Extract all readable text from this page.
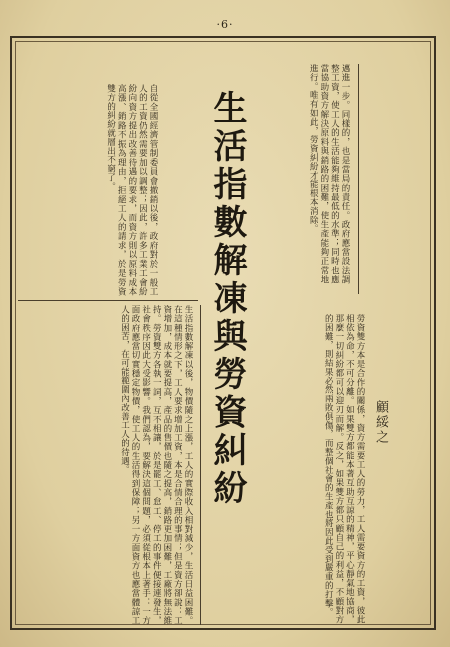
·6·
邁進一步。同樣的，也是當局的責任。政府應當設法調整工資，使工人的生活能夠維持最低的水準；同時也應當協助資方解決原料與銷路的困難，使生產能夠正常地進行。唯有如此，勞資糾紛才能根本消除。
生活指數解凍與勞資糾紛
自從全國經濟管制委員會撤銷以後，政府對於一般工人的工資仍然需要加以調整；因此，許多工業工會紛紛向資方提出改善待遇的要求，而資方則以原料成本高漲、銷路不振為理由，拒絕工人的請求，於是勞資雙方的糾紛就層出不窮了。
生活指數解凍以後，物價隨之上漲，工人的實際收入相對減少，生活日益困難。在這種情形之下，工人要求增加工資，本是合情合理的事情；但是資方卻說：工資增加，成本就要提高，產品的售價也隨之提高，銷路更加困難，工廠將無法維持。勞資雙方各執一詞，互不相讓，於是罷工、怠工、停工的事件便接連發生，社會秩序因此大受影響。我們認為，要解決這個問題，必須從根本上著手：一方面政府應當切實穩定物價，使工人的生活得到保障；另一方面資方也應當體諒工人的困苦，在可能範圍內改善工人的待遇。	勞資雙方本是合作的關係，資方需要工人的勞力，工人需要資方的工資，彼此相依為命，不可分離。如果雙方都能本著互助互諒的精神，平心靜氣地協商，那麼一切糾紛都可以迎刃而解。反之，如果雙方都只顧自己的利益，不顧對方的困難，則結果必然兩敗俱傷，而整個社會的生產也將因此受到嚴重的打擊。	顧綏之
